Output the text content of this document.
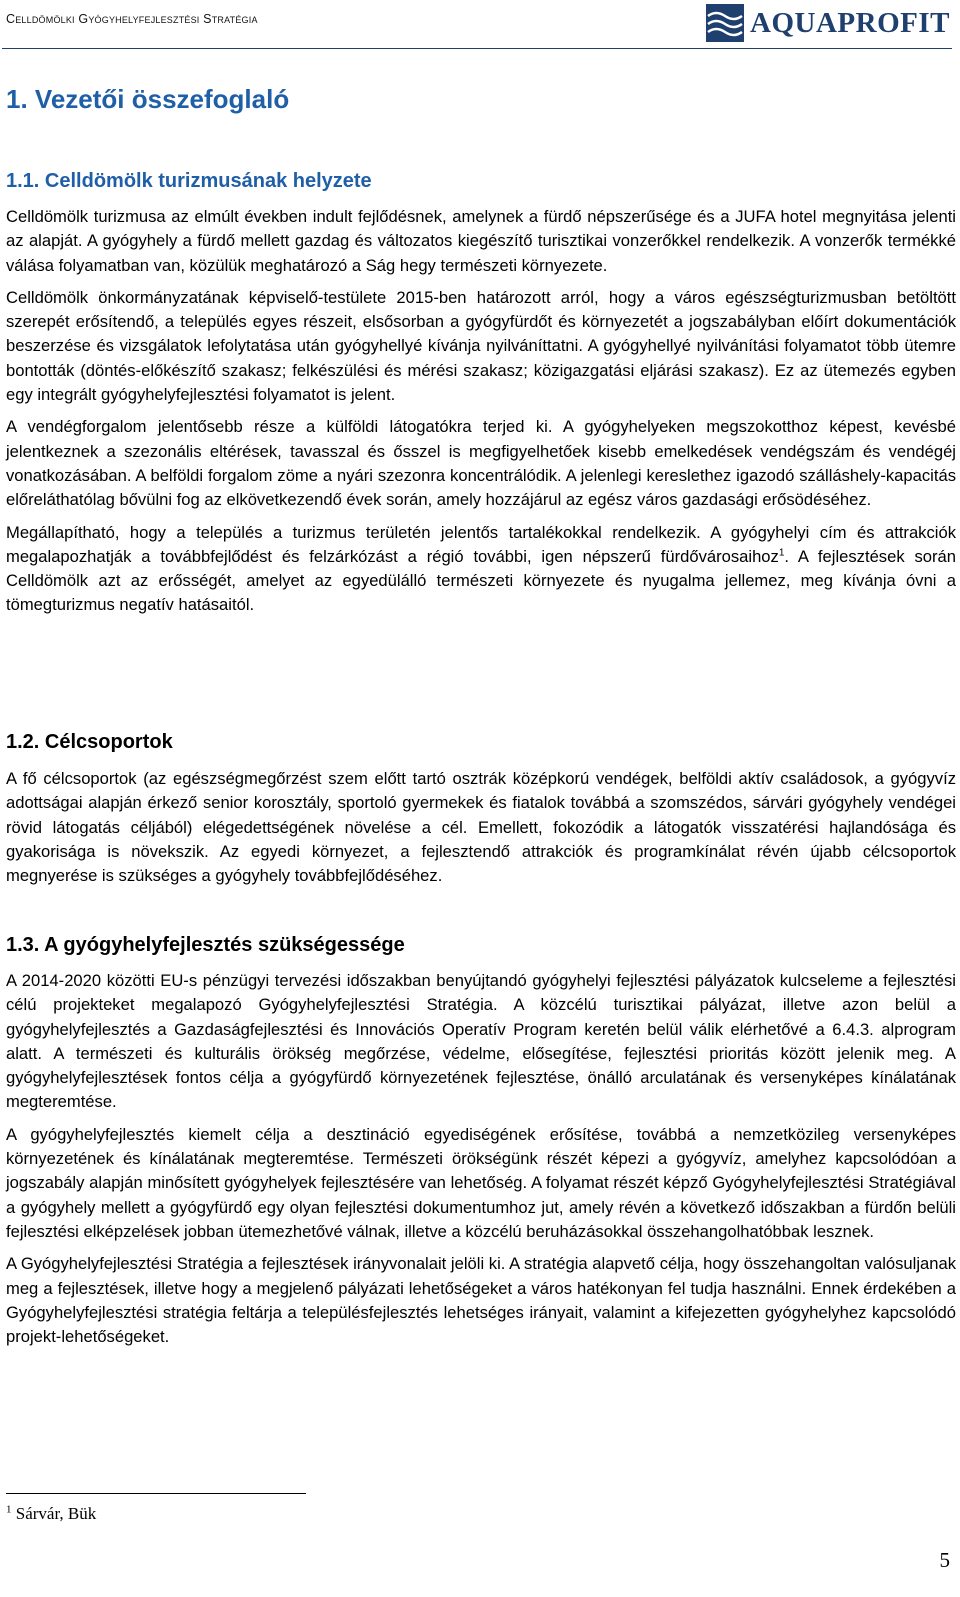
Celldömölki Gyógyhelyfejlesztési Stratégia	AQUAPROFIT
1. Vezetői összefoglaló
1.1. Celldömölk turizmusának helyzete

Celldömölk turizmusa az elmúlt években indult fejlődésnek, amelynek a fürdő népszerűsége és a JUFA hotel megnyitása jelenti az alapját. A gyógyhely a fürdő mellett gazdag és változatos kiegészítő turisztikai vonzerőkkel rendelkezik. A vonzerők termékké válása folyamatban van, közülük meghatározó a Ság hegy természeti környezete.

Celldömölk önkormányzatának képviselő-testülete 2015-ben határozott arról, hogy a város egészségturizmusban betöltött szerepét erősítendő, a település egyes részeit, elsősorban a gyógyfürdőt és környezetét a jogszabályban előírt dokumentációk beszerzése és vizsgálatok lefolytatása után gyógyhellyé kívánja nyilváníttatni. A gyógyhellyé nyilvánítási folyamatot több ütemre bontották (döntés-előkészítő szakasz; felkészülési és mérési szakasz; közigazgatási eljárási szakasz). Ez az ütemezés egyben egy integrált gyógyhelyfejlesztési folyamatot is jelent.

A vendégforgalom jelentősebb része a külföldi látogatókra terjed ki. A gyógyhelyeken megszokotthoz képest, kevésbé jelentkeznek a szezonális eltérések, tavasszal és ősszel is megfigyelhetőek kisebb emelkedések vendégszám és vendégéj vonatkozásában. A belföldi forgalom zöme a nyári szezonra koncentrálódik. A jelenlegi kereslethez igazodó szálláshely-kapacitás előreláthatólag bővülni fog az elkövetkezendő évek során, amely hozzájárul az egész város gazdasági erősödéséhez.

Megállapítható, hogy a település a turizmus területén jelentős tartalékokkal rendelkezik. A gyógyhelyi cím és attrakciók megalapozhatják a továbbfejlődést és felzárkózást a régió további, igen népszerű fürdővárosaihoz$^1$. A fejlesztések során Celldömölk azt az erősségét, amelyet az egyedülálló természeti környezete és nyugalma jellemez, meg kívánja óvni a tömegturizmus negatív hatásaitól.

1.2. Célcsoportok

A fő célcsoportok (az egészségmegőrzést szem előtt tartó osztrák középkorú vendégek, belföldi aktív családosok, a gyógyvíz adottságai alapján érkező senior korosztály, sportoló gyermekek és fiatalok továbbá a szomszédos, sárvári gyógyhely vendégei rövid látogatás céljából) elégedettségének növelése a cél. Emellett, fokozódik a látogatók visszatérési hajlandósága és gyakorisága is növekszik. Az egyedi környezet, a fejlesztendő attrakciók és programkínálat révén újabb célcsoportok megnyerése is szükséges a gyógyhely továbbfejlődéséhez.

1.3. A gyógyhelyfejlesztés szükségessége

A 2014-2020 közötti EU-s pénzügyi tervezési időszakban benyújtandó gyógyhelyi fejlesztési pályázatok kulcseleme a fejlesztési célú projekteket megalapozó Gyógyhelyfejlesztési Stratégia. A közcélú turisztikai pályázat, illetve azon belül a gyógyhelyfejlesztés a Gazdaságfejlesztési és Innovációs Operatív Program keretén belül válik elérhetővé a 6.4.3. alprogram alatt. A természeti és kulturális örökség megőrzése, védelme, elősegítése, fejlesztési prioritás között jelenik meg. A gyógyhelyfejlesztések fontos célja a gyógyfürdő környezetének fejlesztése, önálló arculatának és versenyképes kínálatának megteremtése.

A gyógyhelyfejlesztés kiemelt célja a desztináció egyediségének erősítése, továbbá a nemzetközileg versenyképes környezetének és kínálatának megteremtése. Természeti örökségünk részét képezi a gyógyvíz, amelyhez kapcsolódóan a jogszabály alapján minősített gyógyhelyek fejlesztésére van lehetőség. A folyamat részét képző Gyógyhelyfejlesztési Stratégiával a gyógyhely mellett a gyógyfürdő egy olyan fejlesztési dokumentumhoz jut, amely révén a következő időszakban a fürdőn belüli fejlesztési elképzelések jobban ütemezhetővé válnak, illetve a közcélú beruházásokkal összehangolhatóbbak lesznek.

A Gyógyhelyfejlesztési Stratégia a fejlesztések irányvonalait jelöli ki. A stratégia alapvető célja, hogy összehangoltan valósuljanak meg a fejlesztések, illetve hogy a megjelenő pályázati lehetőségeket a város hatékonyan fel tudja használni. Ennek érdekében a Gyógyhelyfejlesztési stratégia feltárja a településfejlesztés lehetséges irányait, valamint a kifejezetten gyógyhelyhez kapcsolódó projekt-lehetőségeket.

$^1$ Sárvár, Bük
5
